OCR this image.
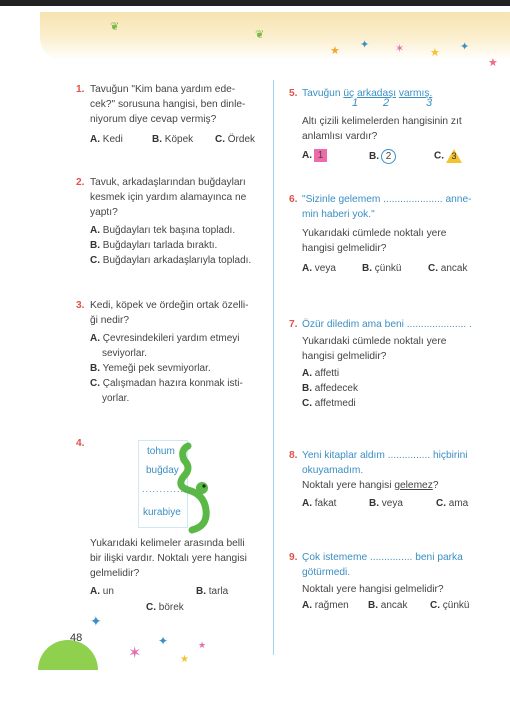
❦
❦
★ ✦ ✶ ★ ✦
★
1. Tavuğun "Kim bana yardım ede-
cek?" sorusuna hangisi, ben dinle-
niyorum diye cevap vermiş?
A. Kedi	B. Köpek C. Ördek
2. Tavuk, arkadaşlarından buğdayları
kesmek için yardım alamayınca ne
yaptı?
A. Buğdayları tek başına topladı.
B. Buğdayları tarlada bıraktı.
C. Buğdayları arkadaşlarıyla topladı.
3. Kedi, köpek ve ördeğin ortak özelli-
ği nedir?
A. Çevresindekileri yardım etmeyi
seviyorlar.
B. Yemeği pek sevmiyorlar.
C. Çalışmadan hazıra konmak isti-
yorlar.
4.
tohum
buğday
..............
kurabiye
Yukarıdaki kelimeler arasında belli
bir ilişki vardır. Noktalı yere hangisi
gelmelidir?
A. un	B. tarla
C. börek
5. Tavuğun üç arkadaşı varmış.
1 2	3
Altı çizili kelimelerden hangisinin zıt
anlamlısı vardır?
A. 1	B. 2	C. 3
6. "Sizinle gelemem ..................... anne-
min haberi yok."
Yukarıdaki cümlede noktalı yere
hangisi gelmelidir?
A. veya	B. çünkü	C. ancak
7. Özür diledim ama beni ..................... .
Yukarıdaki cümlede noktalı yere
hangisi gelmelidir?
A. affetti
B. affedecek
C. affetmedi
8. Yeni kitaplar aldım ............... hiçbirini
okuyamadım.
Noktalı yere hangisi gelemez?
A. fakat	B. veya	C. ama
9. Çok istememe ............... beni parka
götürmedi.
Noktalı yere hangisi gelmelidir?
A. rağmen B. ancak C. çünkü
48
✦
✶
✦
★
★
